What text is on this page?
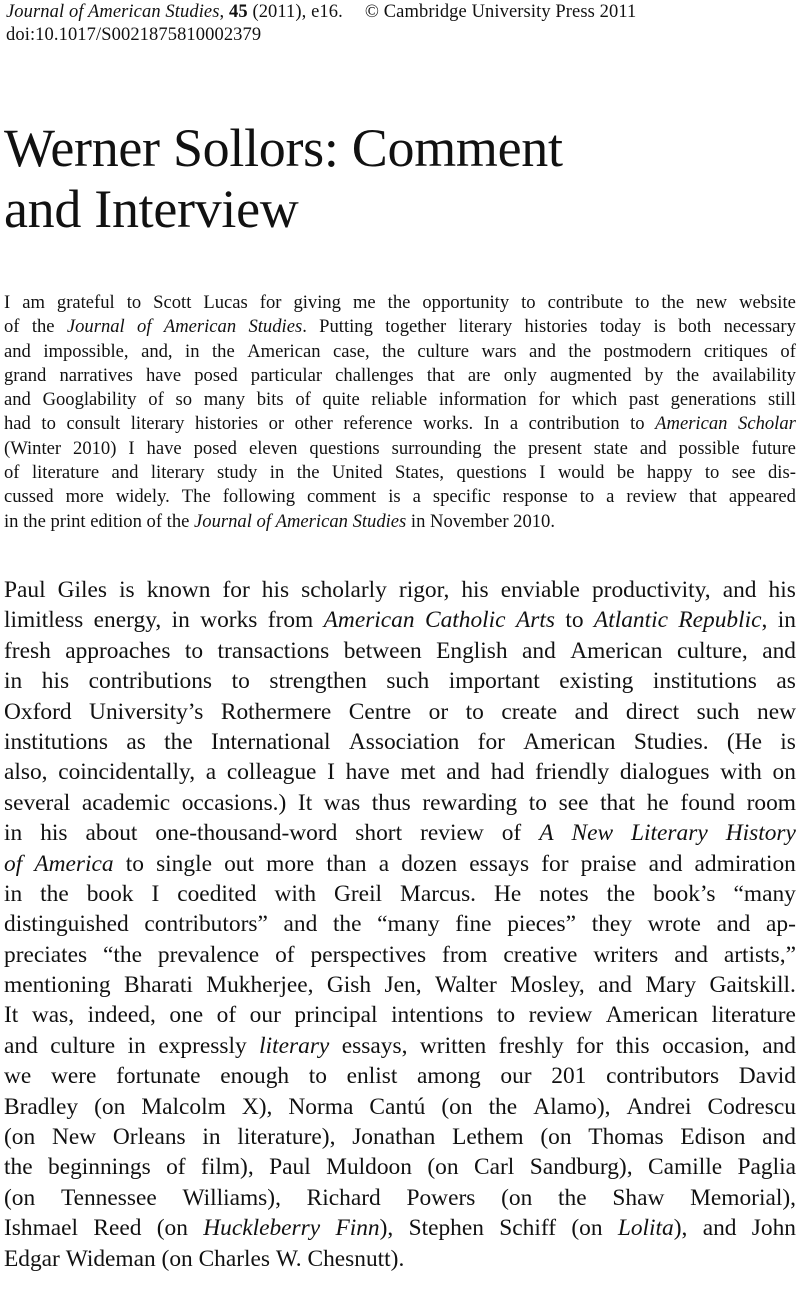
Journal of American Studies, 45 (2011), e16. © Cambridge University Press 2011
doi:10.1017/S0021875810002379
Werner Sollors: Comment
and Interview
I am grateful to Scott Lucas for giving me the opportunity to contribute to the new website
of the Journal of American Studies. Putting together literary histories today is both necessary
and impossible, and, in the American case, the culture wars and the postmodern critiques of
grand narratives have posed particular challenges that are only augmented by the availability
and Googlability of so many bits of quite reliable information for which past generations still
had to consult literary histories or other reference works. In a contribution to American Scholar
(Winter 2010) I have posed eleven questions surrounding the present state and possible future
of literature and literary study in the United States, questions I would be happy to see dis-
cussed more widely. The following comment is a specific response to a review that appeared
in the print edition of the Journal of American Studies in November 2010.
Paul Giles is known for his scholarly rigor, his enviable productivity, and his
limitless energy, in works from American Catholic Arts to Atlantic Republic, in
fresh approaches to transactions between English and American culture, and
in his contributions to strengthen such important existing institutions as
Oxford University’s Rothermere Centre or to create and direct such new
institutions as the International Association for American Studies. (He is
also, coincidentally, a colleague I have met and had friendly dialogues with on
several academic occasions.) It was thus rewarding to see that he found room
in his about one-thousand-word short review of A New Literary History
of America to single out more than a dozen essays for praise and admiration
in the book I coedited with Greil Marcus. He notes the book’s “many
distinguished contributors” and the “many fine pieces” they wrote and ap-
preciates “the prevalence of perspectives from creative writers and artists,”
mentioning Bharati Mukherjee, Gish Jen, Walter Mosley, and Mary Gaitskill.
It was, indeed, one of our principal intentions to review American literature
and culture in expressly literary essays, written freshly for this occasion, and
we were fortunate enough to enlist among our 201 contributors David
Bradley (on Malcolm X), Norma Cantú (on the Alamo), Andrei Codrescu
(on New Orleans in literature), Jonathan Lethem (on Thomas Edison and
the beginnings of film), Paul Muldoon (on Carl Sandburg), Camille Paglia
(on Tennessee Williams), Richard Powers (on the Shaw Memorial),
Ishmael Reed (on Huckleberry Finn), Stephen Schiff (on Lolita), and John
Edgar Wideman (on Charles W. Chesnutt).
